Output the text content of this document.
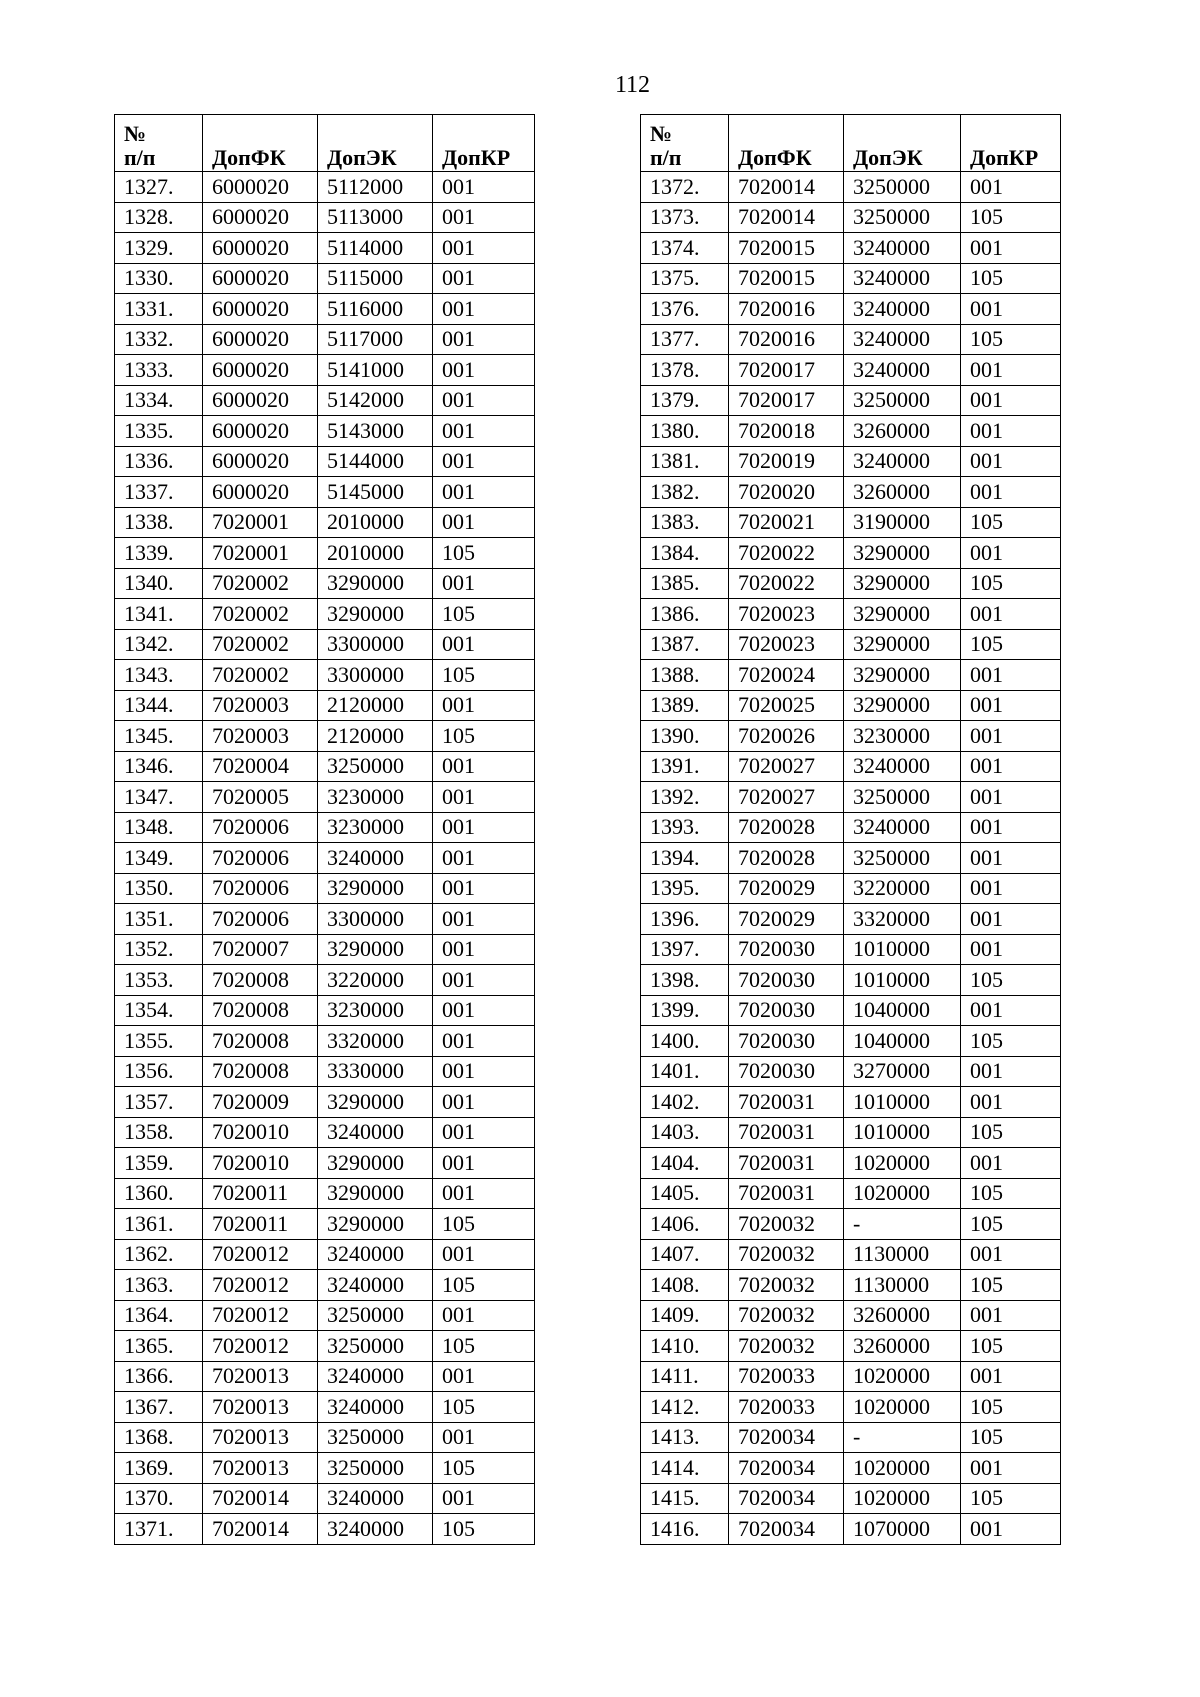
112
№
п/п	ДопФК	ДопЭК	ДопКР
1327.	6000020	5112000	001
1328.	6000020	5113000	001
1329.	6000020	5114000	001
1330.	6000020	5115000	001
1331.	6000020	5116000	001
1332.	6000020	5117000	001
1333.	6000020	5141000	001
1334.	6000020	5142000	001
1335.	6000020	5143000	001
1336.	6000020	5144000	001
1337.	6000020	5145000	001
1338.	7020001	2010000	001
1339.	7020001	2010000	105
1340.	7020002	3290000	001
1341.	7020002	3290000	105
1342.	7020002	3300000	001
1343.	7020002	3300000	105
1344.	7020003	2120000	001
1345.	7020003	2120000	105
1346.	7020004	3250000	001
1347.	7020005	3230000	001
1348.	7020006	3230000	001
1349.	7020006	3240000	001
1350.	7020006	3290000	001
1351.	7020006	3300000	001
1352.	7020007	3290000	001
1353.	7020008	3220000	001
1354.	7020008	3230000	001
1355.	7020008	3320000	001
1356.	7020008	3330000	001
1357.	7020009	3290000	001
1358.	7020010	3240000	001
1359.	7020010	3290000	001
1360.	7020011	3290000	001
1361.	7020011	3290000	105
1362.	7020012	3240000	001
1363.	7020012	3240000	105
1364.	7020012	3250000	001
1365.	7020012	3250000	105
1366.	7020013	3240000	001
1367.	7020013	3240000	105
1368.	7020013	3250000	001
1369.	7020013	3250000	105
1370.	7020014	3240000	001
1371.	7020014	3240000	105
№
п/п	ДопФК	ДопЭК	ДопКР
1372.	7020014	3250000	001
1373.	7020014	3250000	105
1374.	7020015	3240000	001
1375.	7020015	3240000	105
1376.	7020016	3240000	001
1377.	7020016	3240000	105
1378.	7020017	3240000	001
1379.	7020017	3250000	001
1380.	7020018	3260000	001
1381.	7020019	3240000	001
1382.	7020020	3260000	001
1383.	7020021	3190000	105
1384.	7020022	3290000	001
1385.	7020022	3290000	105
1386.	7020023	3290000	001
1387.	7020023	3290000	105
1388.	7020024	3290000	001
1389.	7020025	3290000	001
1390.	7020026	3230000	001
1391.	7020027	3240000	001
1392.	7020027	3250000	001
1393.	7020028	3240000	001
1394.	7020028	3250000	001
1395.	7020029	3220000	001
1396.	7020029	3320000	001
1397.	7020030	1010000	001
1398.	7020030	1010000	105
1399.	7020030	1040000	001
1400.	7020030	1040000	105
1401.	7020030	3270000	001
1402.	7020031	1010000	001
1403.	7020031	1010000	105
1404.	7020031	1020000	001
1405.	7020031	1020000	105
1406.	7020032	-	105
1407.	7020032	1130000	001
1408.	7020032	1130000	105
1409.	7020032	3260000	001
1410.	7020032	3260000	105
1411.	7020033	1020000	001
1412.	7020033	1020000	105
1413.	7020034	-	105
1414.	7020034	1020000	001
1415.	7020034	1020000	105
1416.	7020034	1070000	001
